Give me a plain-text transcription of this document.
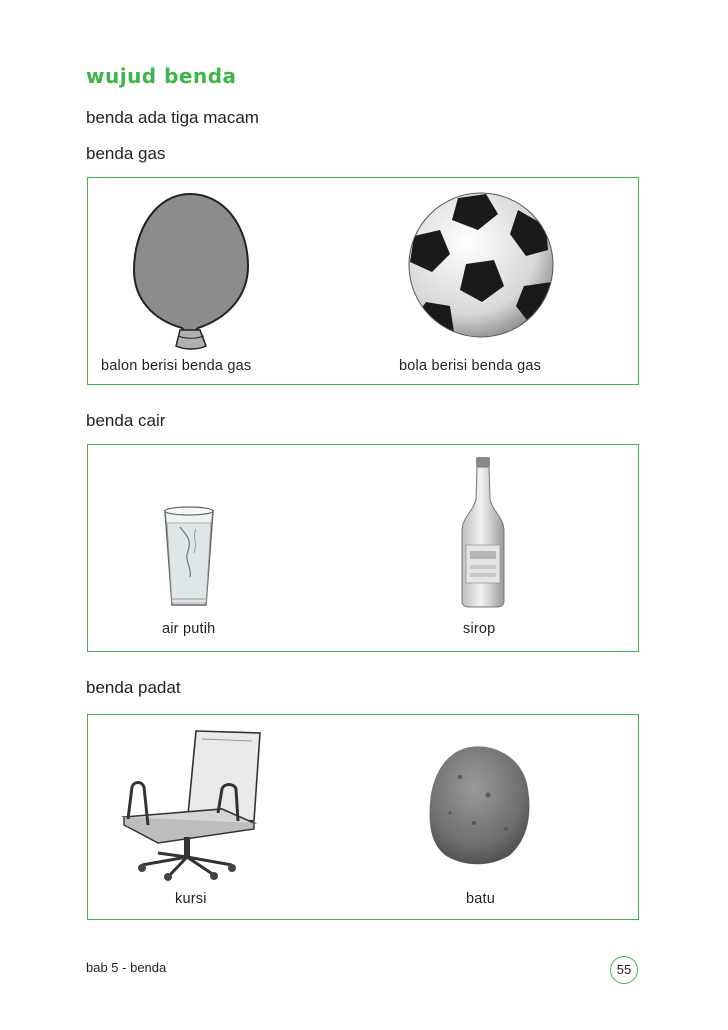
wujud benda
benda ada tiga macam
benda gas
balon berisi benda gas	bola berisi benda gas
benda cair
air putih	sirop
benda padat
kursi	batu
bab 5 - benda	55
